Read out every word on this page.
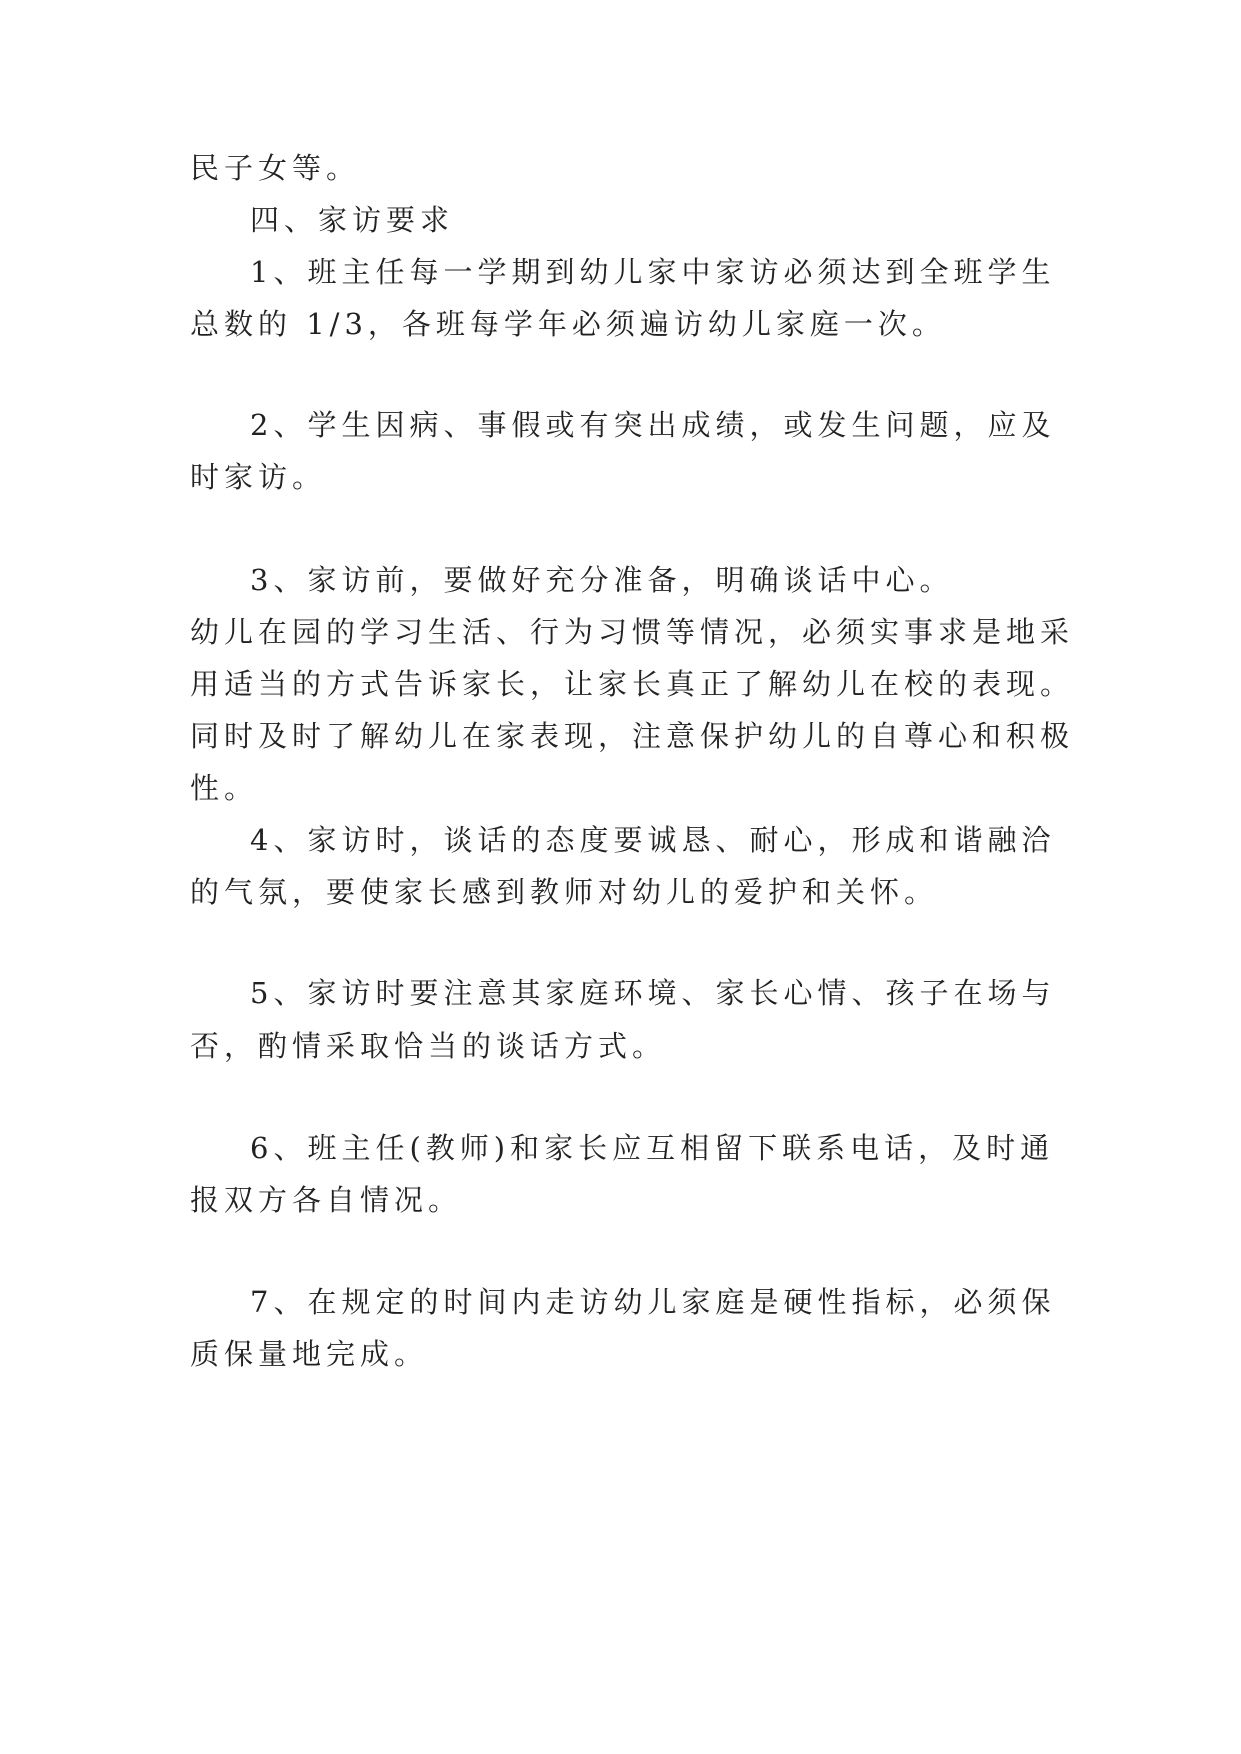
民子女等。

四、家访要求

1、班主任每一学期到幼儿家中家访必须达到全班学生

总数的 1/3，各班每学年必须遍访幼儿家庭一次。

2、学生因病、事假或有突出成绩，或发生问题，应及

时家访。

3、家访前，要做好充分准备，明确谈话中心。

幼儿在园的学习生活、行为习惯等情况，必须实事求是地采

用适当的方式告诉家长，让家长真正了解幼儿在校的表现。

同时及时了解幼儿在家表现，注意保护幼儿的自尊心和积极

性。

4、家访时，谈话的态度要诚恳、耐心，形成和谐融洽

的气氛，要使家长感到教师对幼儿的爱护和关怀。

5、家访时要注意其家庭环境、家长心情、孩子在场与

否，酌情采取恰当的谈话方式。

6、班主任(教师)和家长应互相留下联系电话，及时通

报双方各自情况。

7、在规定的时间内走访幼儿家庭是硬性指标，必须保

质保量地完成。
